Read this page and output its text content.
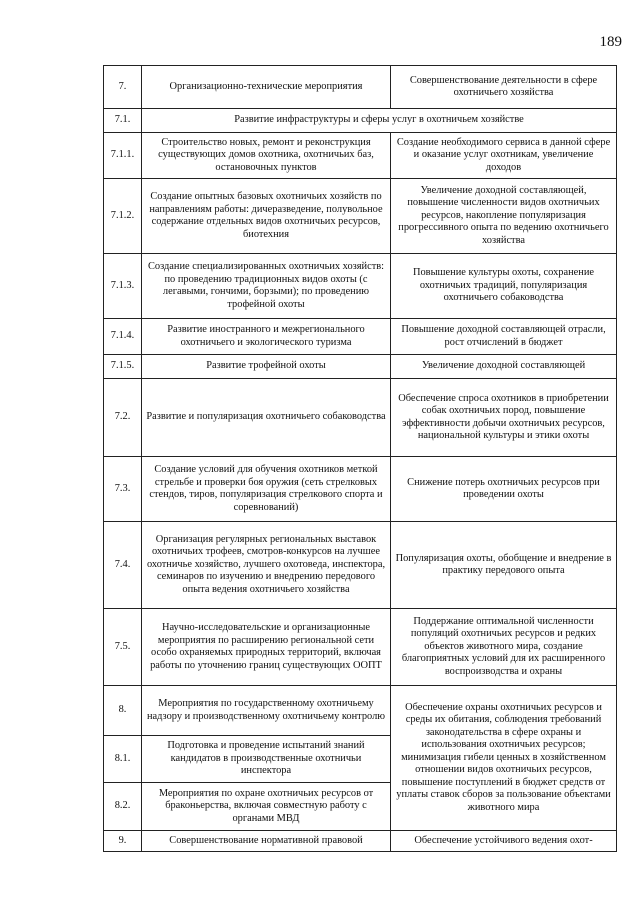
189
7.	Организационно-технические мероприятия	Совершенствование деятельности в сфере охотничьего хозяйства
7.1.	Развитие инфраструктуры и сферы услуг в охотничьем хозяйстве	
7.1.1.	Строительство новых, ремонт и реконструкция существующих домов охотника, охотничьих баз, остановочных пунктов	Создание необходимого сервиса в данной сфере и оказание услуг охотникам, увеличение доходов
7.1.2.	Создание опытных базовых охотничьих хозяйств по направлениям работы: дичеразведение, полувольное содержание отдельных видов охотничьих ресурсов, биотехния	Увеличение доходной составляющей, повышение численности видов охотничьих ресурсов, накопление популяризация прогрессивного опыта по ведению охотничьего хозяйства
7.1.3.	Создание специализированных охотничьих хозяйств: по проведению традиционных видов охоты (с легавыми, гончими, борзыми); по проведению трофейной охоты	Повышение культуры охоты, сохранение охотничьих традиций, популяризация охотничьего собаководства
7.1.4.	Развитие иностранного и межрегионального охотничьего и экологического туризма	Повышение доходной составляющей отрасли, рост отчислений в бюджет
7.1.5.	Развитие трофейной охоты	Увеличение доходной составляющей
7.2.	Развитие и популяризация охотничьего собаководства	Обеспечение спроса охотников в приобретении собак охотничьих пород, повышение эффективности добычи охотничьих ресурсов, национальной культуры и этики охоты
7.3.	Создание условий для обучения охотников меткой стрельбе и проверки боя оружия (сеть стрелковых стендов, тиров, популяризация стрелкового спорта и соревнований)	Снижение потерь охотничьих ресурсов при проведении охоты
7.4.	Организация регулярных региональных выставок охотничьих трофеев, смотров-конкурсов на лучшее охотничье хозяйство, лучшего охотоведа, инспектора, семинаров по изучению и внедрению передового опыта ведения охотничьего хозяйства	Популяризация охоты, обобщение и внедрение в практику передового опыта
7.5.	Научно-исследовательские и организационные мероприятия по расширению региональной сети особо охраняемых природных территорий, включая работы по уточнению границ существующих ООПТ	Поддержание оптимальной численности популяций охотничьих ресурсов и редких объектов животного мира, создание благоприятных условий для их расширенного воспроизводства и охраны
8.	Мероприятия по государственному охотничьему надзору и производственному охотничьему контролю	Обеспечение охраны охотничьих ресурсов и среды их обитания, соблюдения требований законодательства в сфере охраны и использования охотничьих ресурсов; минимизация гибели ценных в хозяйственном отношении видов охотничьих ресурсов, повышение поступлений в бюджет средств от уплаты ставок сборов за пользование объектами животного мира
8.1.	Подготовка и проведение испытаний знаний кандидатов в производственные охотничьи инспектора	
8.2.	Мероприятия по охране охотничьих ресурсов от браконьерства, включая совместную работу с органами МВД	
9.	Совершенствование нормативной правовой	Обеспечение устойчивого ведения охот-
